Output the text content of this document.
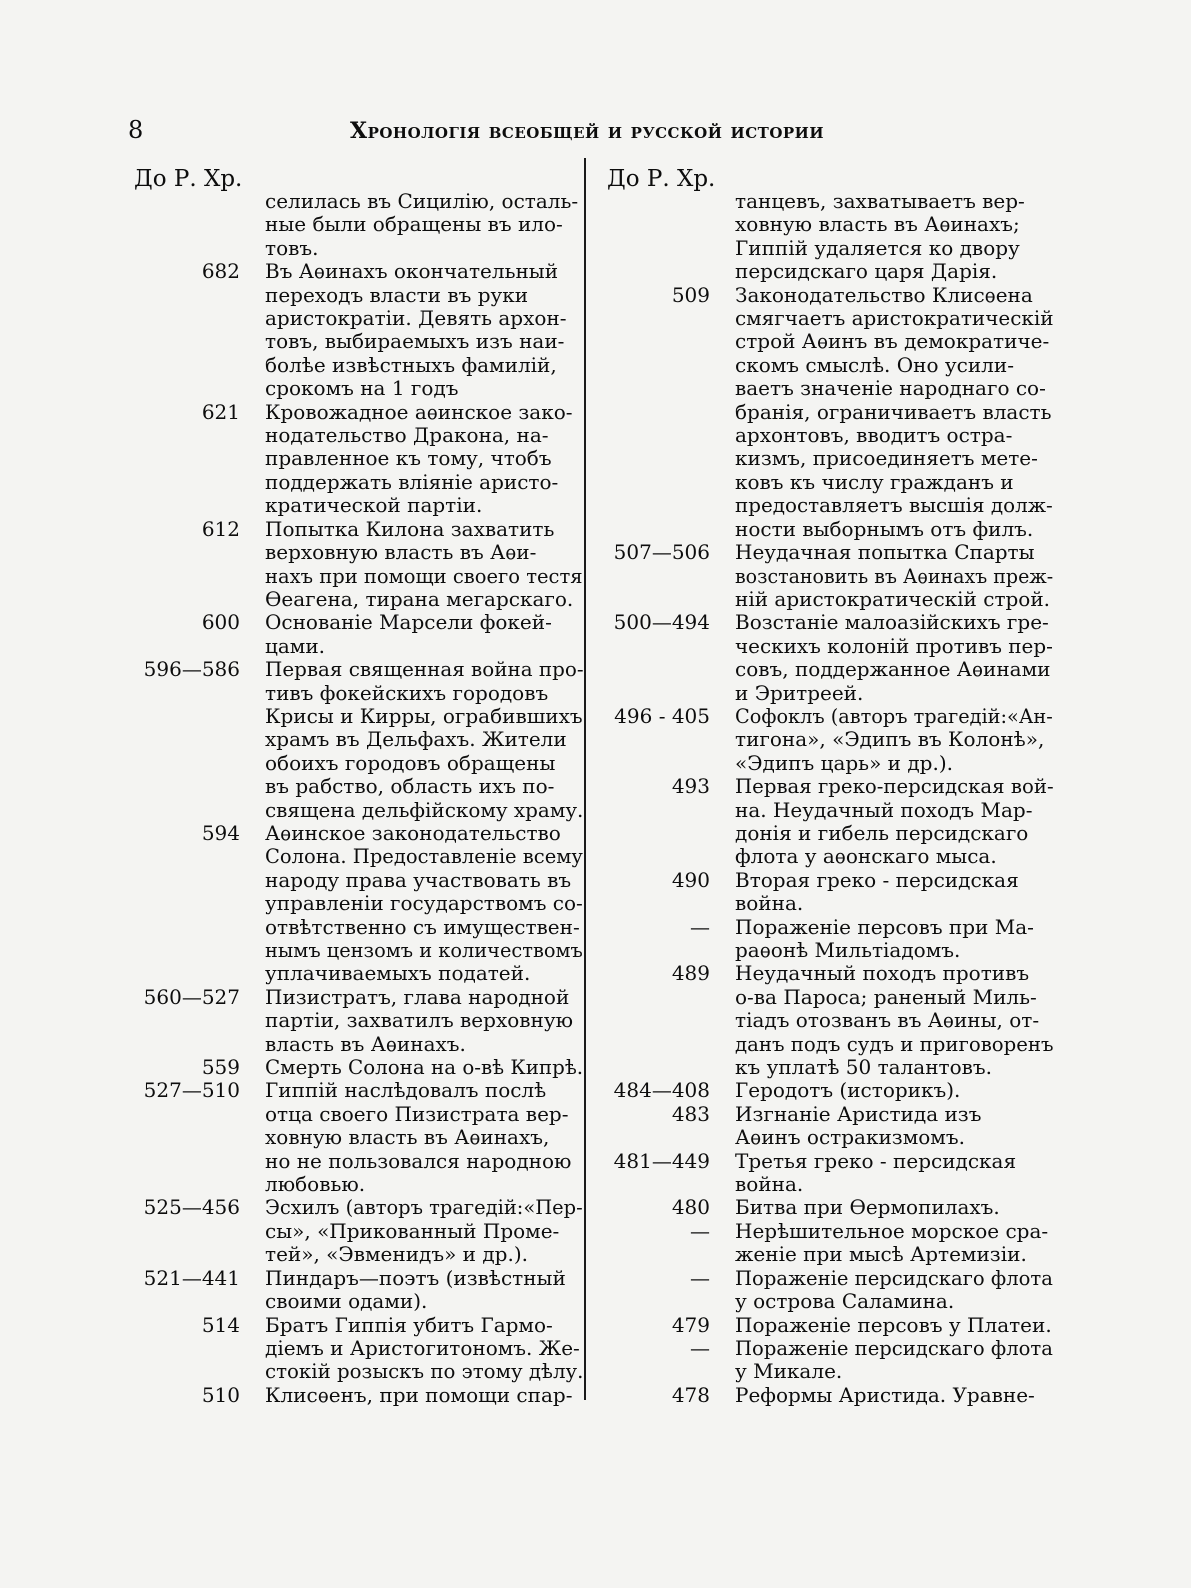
8	Хронологія всеобщей и русской истории
До Р. Хр.	До Р. Хр.
селилась въ Сицилію, осталь-
ные были обращены въ ило-
товъ.
682 Въ Аѳинахъ окончательный
переходъ власти въ руки
аристократіи. Девять архон-
товъ, выбираемыхъ изъ наи-
болѣе извѣстныхъ фамилій,
срокомъ на 1 годъ
621 Кровожадное аѳинское зако-
нодательство Дракона, на-
правленное къ тому, чтобъ
поддержать вліяніе аристо-
кратической партіи.
612 Попытка Килона захватить
верховную власть въ Аѳи-
нахъ при помощи своего тестя
Ѳеагена, тирана мегарскаго.
600 Основаніе Марсели фокей-
цами.
596—586 Первая священная война про-
тивъ фокейскихъ городовъ
Крисы и Кирры, ограбившихъ
храмъ въ Дельфахъ. Жители
обоихъ городовъ обращены
въ рабство, область ихъ по-
священа дельфійскому храму.
594 Аѳинское законодательство
Солона. Предоставленіе всему
народу права участвовать въ
управленіи государствомъ со-
отвѣтственно съ имуществен-
нымъ цензомъ и количествомъ
уплачиваемыхъ податей.
560—527 Пизистратъ, глава народной
партіи, захватилъ верховную
власть въ Аѳинахъ.
559 Смерть Солона на о-вѣ Кипрѣ.
527—510 Гиппій наслѣдовалъ послѣ
отца своего Пизистрата вер-
ховную власть въ Аѳинахъ,
но не пользовался народною
любовью.
525—456 Эсхилъ (авторъ трагедій:«Пер-
сы», «Прикованный Проме-
тей», «Эвменидъ» и др.).
521—441 Пиндаръ—поэтъ (извѣстный
своими одами).
514 Братъ Гиппія убитъ Гармо-
діемъ и Аристогитономъ. Же-
стокій розыскъ по этому дѣлу.
510 Клисѳенъ, при помощи спар-
танцевъ, захватываетъ вер-
ховную власть въ Аѳинахъ;
Гиппій удаляется ко двору
персидскаго царя Дарія.
509 Законодательство Клисѳена
смягчаетъ аристократическій
строй Аѳинъ въ демократиче-
скомъ смыслѣ. Оно усили-
ваетъ значеніе народнаго со-
бранія, ограничиваетъ власть
архонтовъ, вводитъ остра-
кизмъ, присоединяетъ мете-
ковъ къ числу гражданъ и
предоставляетъ высшія долж-
ности выборнымъ отъ филъ.
507—506 Неудачная попытка Спарты
возстановить въ Аѳинахъ преж-
ній аристократическій строй.
500—494 Возстаніе малоазійскихъ гре-
ческихъ колоній противъ пер-
совъ, поддержанное Аѳинами
и Эритреей.
496 - 405 Софоклъ (авторъ трагедій:«Ан-
тигона», «Эдипъ въ Колонѣ»,
«Эдипъ царь» и др.).
493 Первая греко-персидская вой-
на. Неудачный походъ Мар-
донія и гибель персидскаго
флота у аѳонскаго мыса.
490 Вторая греко - персидская
война.
— Пораженіе персовъ при Ма-
раѳонѣ Мильтіадомъ.
489 Неудачный походъ противъ
о-ва Пароса; раненый Миль-
тіадъ отозванъ въ Аѳины, от-
данъ подъ судъ и приговоренъ
къ уплатѣ 50 талантовъ.
484—408 Геродотъ (историкъ).
483 Изгнаніе Аристида изъ
Аѳинъ остракизмомъ.
481—449 Третья греко - персидская
война.
480 Битва при Ѳермопилахъ.
— Нерѣшительное морское сра-
женіе при мысѣ Артемизіи.
— Пораженіе персидскаго флота
у острова Саламина.
479 Пораженіе персовъ у Платеи.
— Пораженіе персидскаго флота
у Микале.
478 Реформы Аристида. Уравне-
